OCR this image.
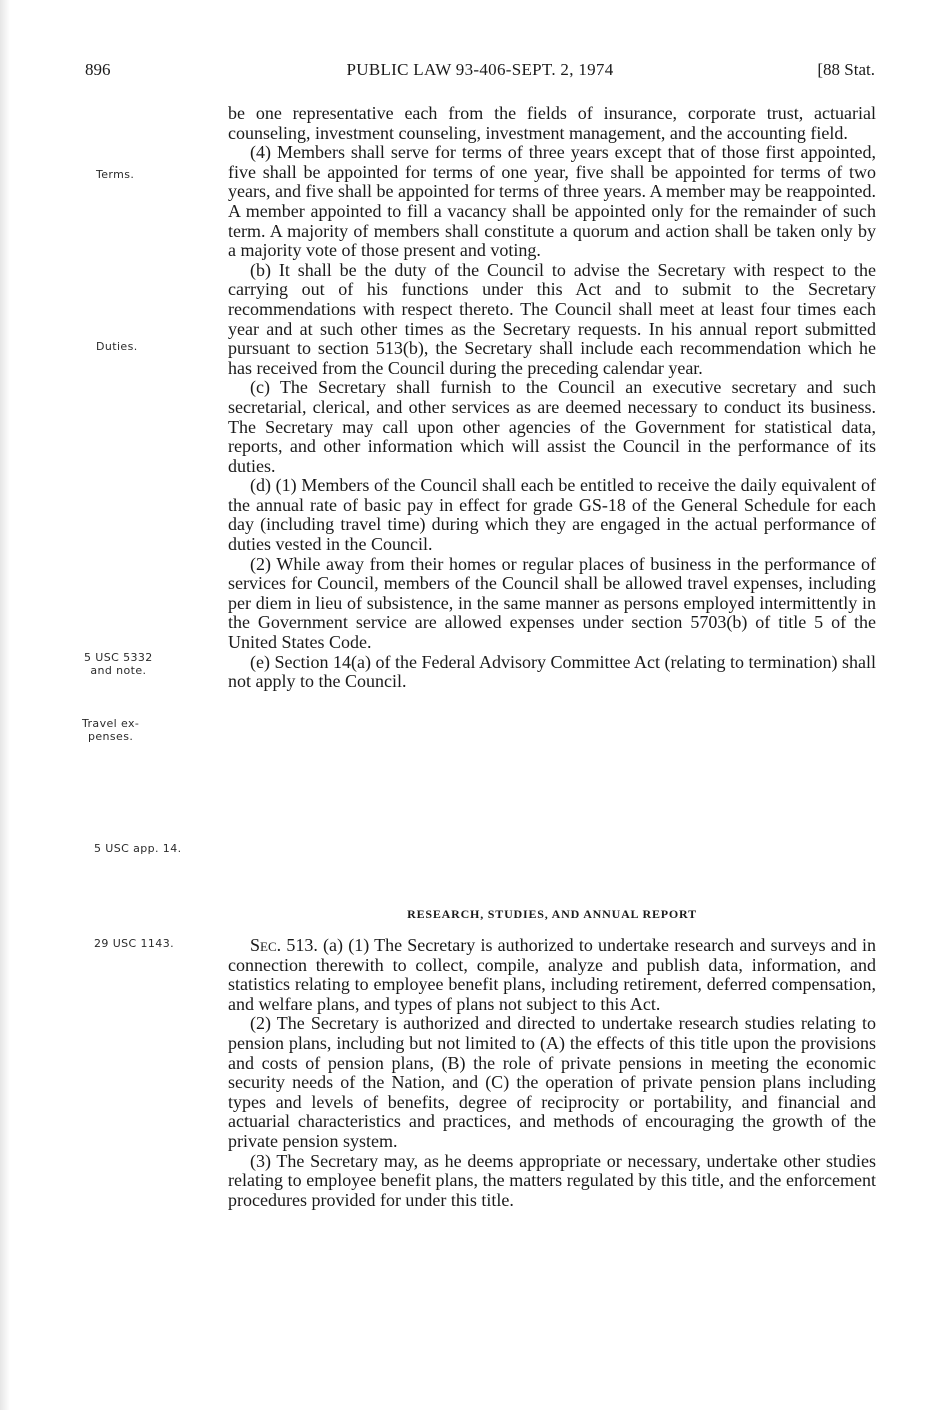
896	PUBLIC LAW 93-406-SEPT. 2, 1974	[88 Stat.
Terms.
Duties.
5 USC 5332
and note.
Travel ex-
penses.
5 USC app. 14.
29 USC 1143.

be one representative each from the fields of insurance, corporate trust, actuarial counseling, investment counseling, investment management, and the accounting field.

(4) Members shall serve for terms of three years except that of those first appointed, five shall be appointed for terms of one year, five shall be appointed for terms of two years, and five shall be appointed for terms of three years. A member may be reappointed. A member appointed to fill a vacancy shall be appointed only for the remainder of such term. A majority of members shall constitute a quorum and action shall be taken only by a majority vote of those present and voting.

(b) It shall be the duty of the Council to advise the Secretary with respect to the carrying out of his functions under this Act and to submit to the Secretary recommendations with respect thereto. The Council shall meet at least four times each year and at such other times as the Secretary requests. In his annual report submitted pursuant to section 513(b), the Secretary shall include each recommendation which he has received from the Council during the preceding calendar year.

(c) The Secretary shall furnish to the Council an executive secretary and such secretarial, clerical, and other services as are deemed necessary to conduct its business. The Secretary may call upon other agencies of the Government for statistical data, reports, and other information which will assist the Council in the performance of its duties.

(d) (1) Members of the Council shall each be entitled to receive the daily equivalent of the annual rate of basic pay in effect for grade GS-18 of the General Schedule for each day (including travel time) during which they are engaged in the actual performance of duties vested in the Council.

(2) While away from their homes or regular places of business in the performance of services for Council, members of the Council shall be allowed travel expenses, including per diem in lieu of subsistence, in the same manner as persons employed intermittently in the Government service are allowed expenses under section 5703(b) of title 5 of the United States Code.

(e) Section 14(a) of the Federal Advisory Committee Act (relating to termination) shall not apply to the Council.

RESEARCH, STUDIES, AND ANNUAL REPORT

Sec. 513. (a) (1) The Secretary is authorized to undertake research and surveys and in connection therewith to collect, compile, analyze and publish data, information, and statistics relating to employee benefit plans, including retirement, deferred compensation, and welfare plans, and types of plans not subject to this Act.

(2) The Secretary is authorized and directed to undertake research studies relating to pension plans, including but not limited to (A) the effects of this title upon the provisions and costs of pension plans, (B) the role of private pensions in meeting the economic security needs of the Nation, and (C) the operation of private pension plans including types and levels of benefits, degree of reciprocity or portability, and financial and actuarial characteristics and practices, and methods of encouraging the growth of the private pension system.

(3) The Secretary may, as he deems appropriate or necessary, undertake other studies relating to employee benefit plans, the matters regulated by this title, and the enforcement procedures provided for under this title.
